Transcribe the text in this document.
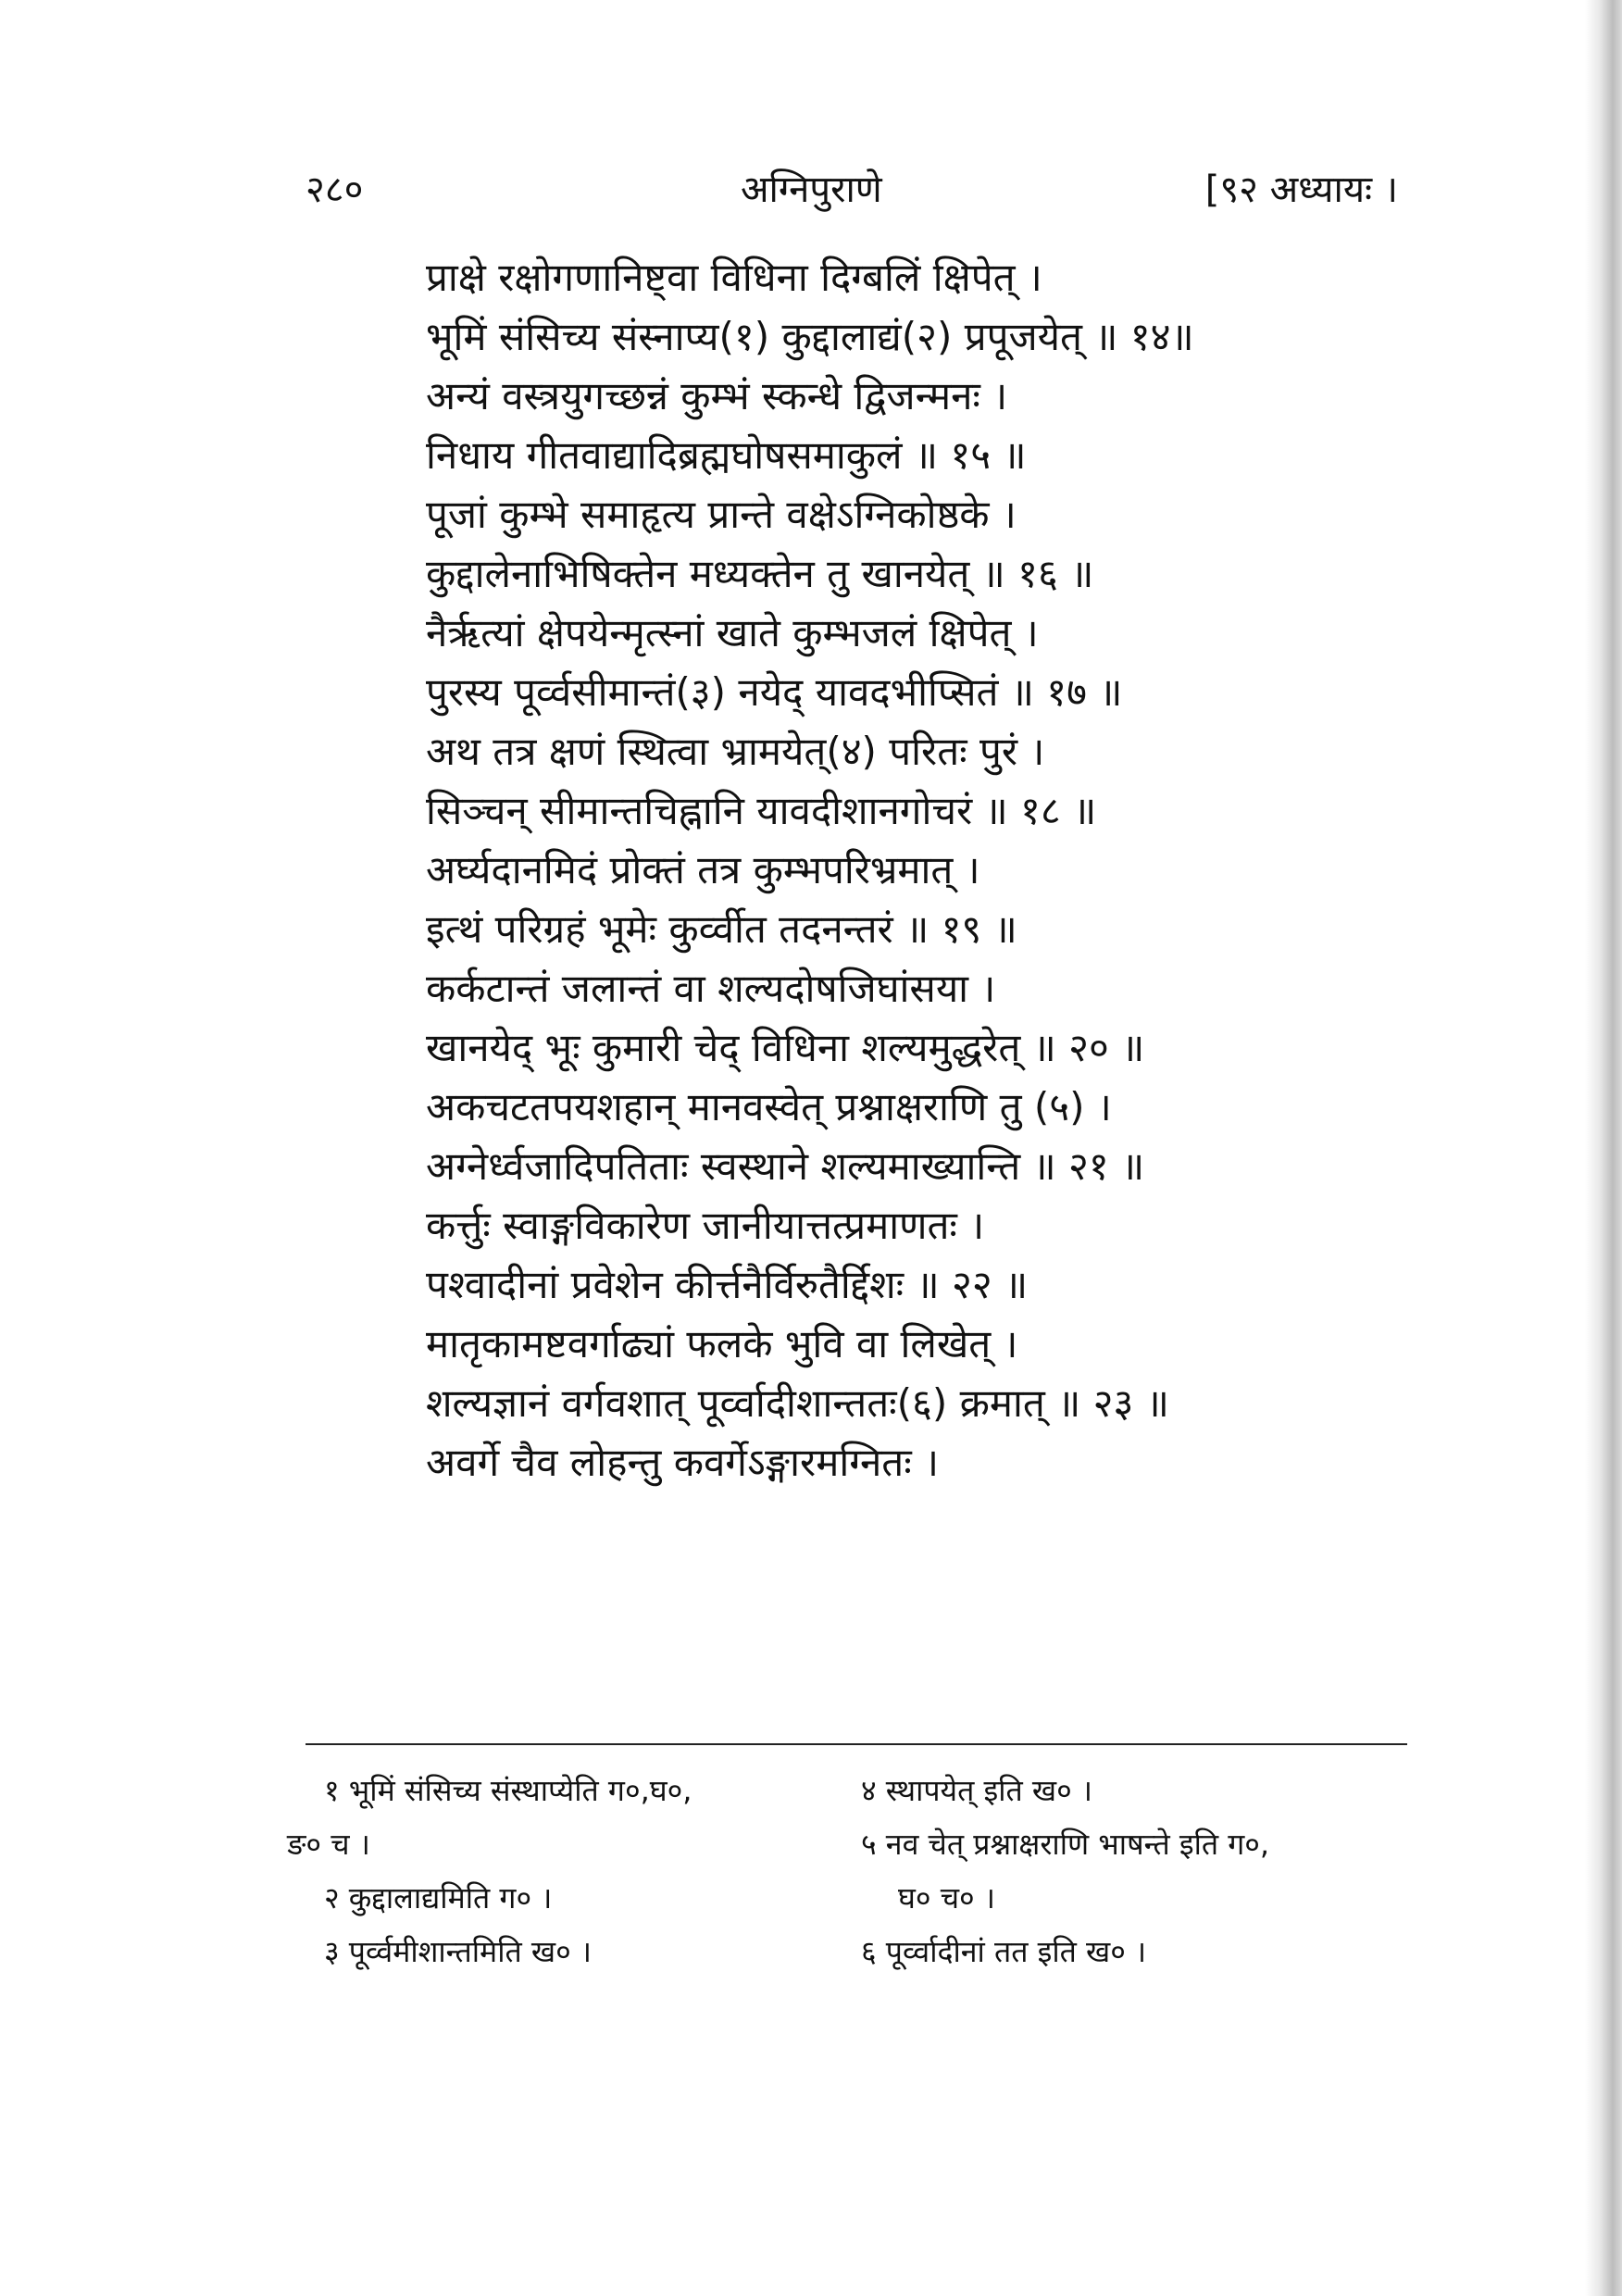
२८०	अग्निपुराणे	[९२ अध्यायः ।
प्राक्षे रक्षोगणानिष्ट्वा विधिना दिग्बलिं क्षिपेत् ।
भूमिं संसिच्य संस्नाप्य(१) कुद्दालाद्यं(२) प्रपूजयेत् ॥ १४॥
अन्यं वस्त्रयुगच्छन्नं कुम्भं स्कन्धे द्विजन्मनः ।
निधाय गीतवाद्यादिब्रह्मघोषसमाकुलं ॥ १५ ॥
पूजां कुम्भे समाहृत्य प्रान्ते वक्षेऽग्निकोष्ठके ।
कुद्दालेनाभिषिक्तेन मध्यक्तेन तु खानयेत् ॥ १६ ॥
नैर्ऋत्यां क्षेपयेन्मृत्स्नां खाते कुम्भजलं क्षिपेत् ।
पुरस्य पूर्व्वसीमान्तं(३) नयेद् यावदभीप्सितं ॥ १७ ॥
अथ तत्र क्षणं स्थित्वा भ्रामयेत्(४) परितः पुरं ।
सिञ्चन् सीमान्तचिह्नानि यावदीशानगोचरं ॥ १८ ॥
अर्घ्यदानमिदं प्रोक्तं तत्र कुम्भपरिभ्रमात् ।
इत्थं परिग्रहं भूमेः कुर्व्वीत तदनन्तरं ॥ १९ ॥
कर्कटान्तं जलान्तं वा शल्यदोषजिघांसया ।
खानयेद् भूः कुमारी चेद् विधिना शल्यमुद्धरेत् ॥ २० ॥
अकचटतपयशहान् मानवस्वेत् प्रश्नाक्षराणि तु (५) ।
अग्नेर्ध्वजादिपतिताः स्वस्थाने शल्यमाख्यान्ति ॥ २१ ॥
कर्त्तुः स्वाङ्गविकारेण जानीयात्तत्प्रमाणतः ।
पश्वादीनां प्रवेशेन कीर्त्तनैर्विरुतैर्द्दिशः ॥ २२ ॥
मातृकामष्टवर्गाढ्यां फलके भुवि वा लिखेत् ।
शल्यज्ञानं वर्गवशात् पूर्व्वादीशान्ततः(६) क्रमात् ॥ २३ ॥
अवर्गे चैव लोहन्तु कवर्गेऽङ्गारमग्नितः ।
१ भूमिं संसिच्य संस्थाप्येति ग०,घ०,
ङ० च ।
२ कुद्दालाद्यमिति ग० ।
३ पूर्व्वमीशान्तमिति ख० ।
४ स्थापयेत् इति ख० ।
५ नव चेत् प्रश्नाक्षराणि भाषन्ते इति ग०,
घ० च० ।
६ पूर्व्वादीनां तत इति ख० ।
